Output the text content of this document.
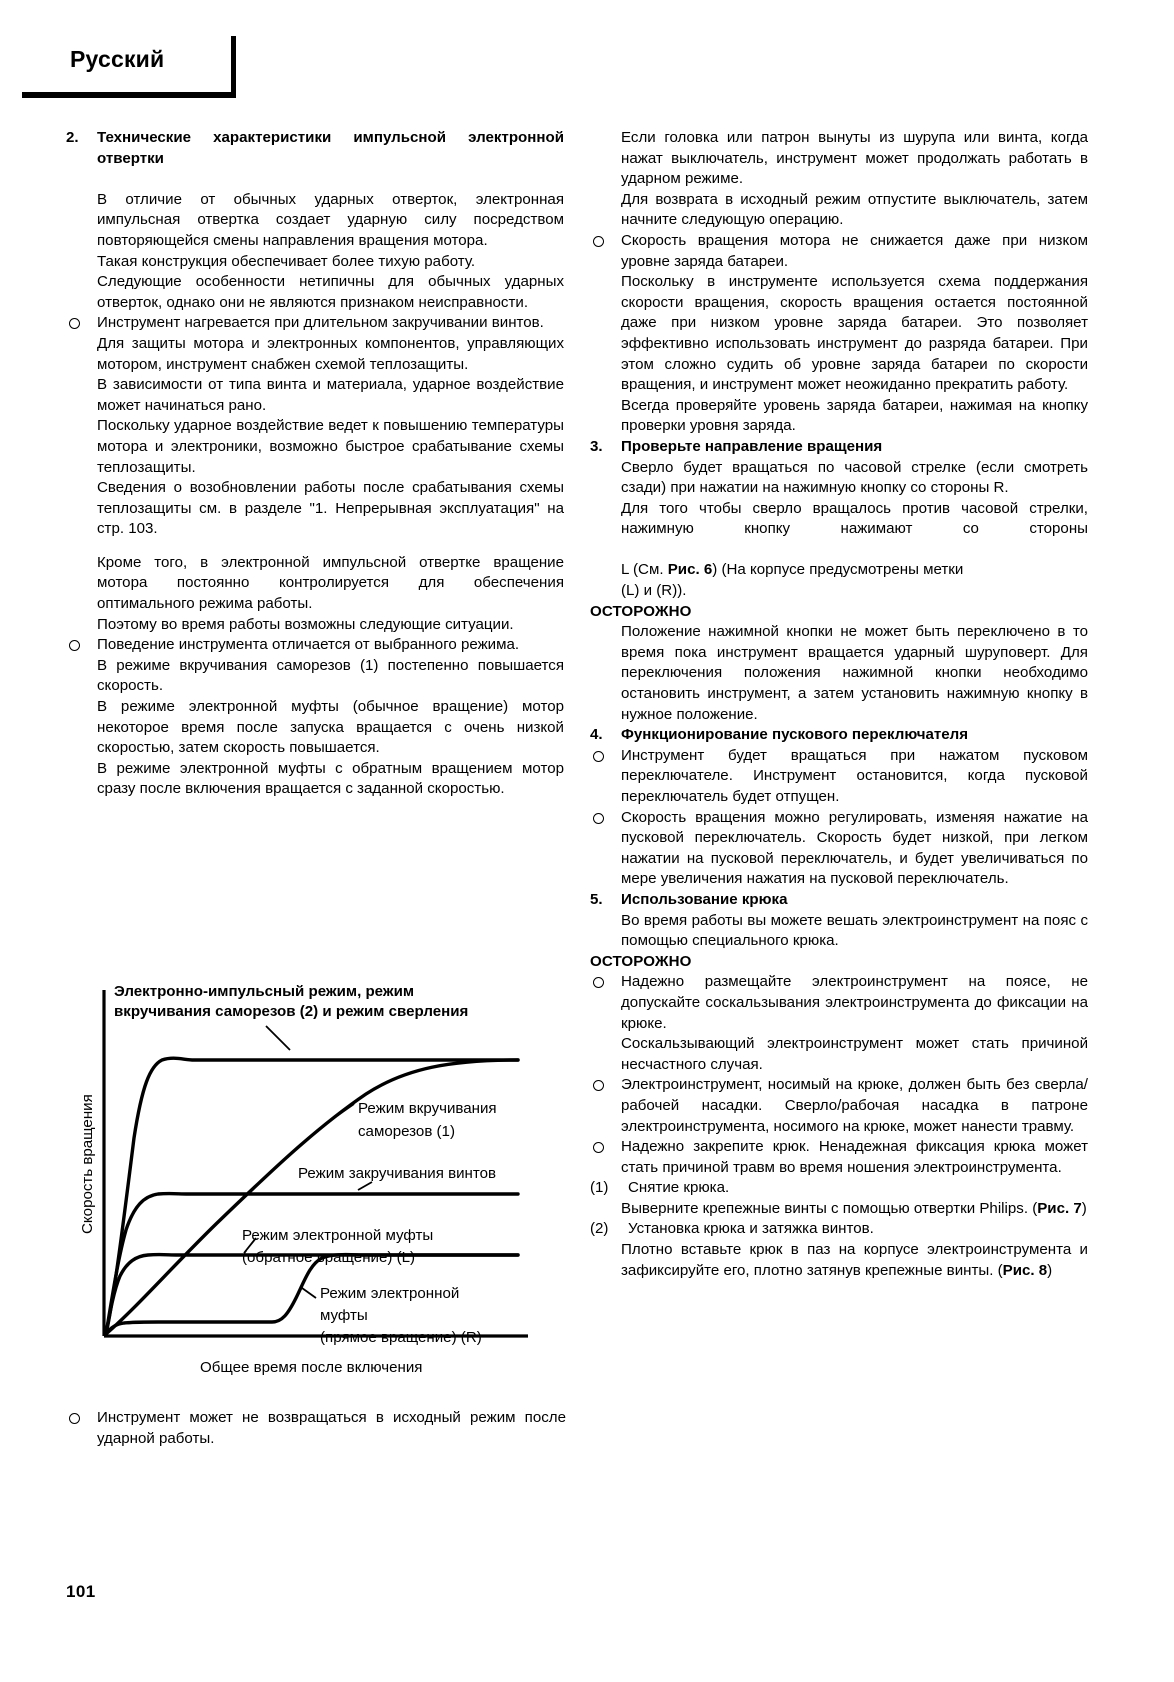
Русский
2. Технические характеристики импульсной электронной отвертки
В отличие от обычных ударных отверток, электронная импульсная отвертка создает ударную силу посредством повторяющейся смены направления вращения мотора.
Такая конструкция обеспечивает более тихую работу.
Следующие особенности нетипичны для обычных ударных отверток, однако они не являются признаком неисправности.
Инструмент нагревается при длительном закручивании винтов.
Для защиты мотора и электронных компонентов, управляющих мотором, инструмент снабжен схемой теплозащиты.
В зависимости от типа винта и материала, ударное воздействие может начинаться рано.
Поскольку ударное воздействие ведет к повышению температуры мотора и электроники, возможно быстрое срабатывание схемы теплозащиты.
Сведения о возобновлении работы после срабатывания схемы теплозащиты см. в разделе "1. Непрерывная эксплуатация" на стр. 103.
Кроме того, в электронной импульсной отвертке вращение мотора постоянно контролируется для обеспечения оптимального режима работы.
Поэтому во время работы возможны следующие ситуации.
Поведение инструмента отличается от выбранного режима.
В режиме вкручивания саморезов (1) постепенно повышается скорость.
В режиме электронной муфты (обычное вращение) мотор некоторое время после запуска вращается с очень низкой скоростью, затем скорость повышается.
В режиме электронной муфты с обратным вращением мотор сразу после включения вращается с заданной скоростью.
Если головка или патрон вынуты из шурупа или винта, когда нажат выключатель, инструмент может продолжать работать в ударном режиме.
Для возврата в исходный режим отпустите выключатель, затем начните следующую операцию.
Скорость вращения мотора не снижается даже при низком уровне заряда батареи.
Поскольку в инструменте используется схема поддержания скорости вращения, скорость вращения остается постоянной даже при низком уровне заряда батареи. Это позволяет эффективно использовать инструмент до разряда батареи. При этом сложно судить об уровне заряда батареи по скорости вращения, и инструмент может неожиданно прекратить работу.
Всегда проверяйте уровень заряда батареи, нажимая на кнопку проверки уровня заряда.
3. Проверьте направление вращения
Сверло будет вращаться по часовой стрелке (если смотреть сзади) при нажатии на нажимную кнопку со стороны R.
Для того чтобы сверло вращалось против часовой стрелки, нажимную кнопку нажимают со стороны
L (См. Рис. 6) (На корпусе предусмотрены метки
(L) и (R)).
ОСТОРОЖНО
Положение нажимной кнопки не может быть переключено в то время пока инструмент вращается ударный шуруповерт. Для переключения положения нажимной кнопки необходимо остановить инструмент, а затем установить нажимную кнопку в нужное положение.
4. Функционирование пускового переключателя
Инструмент будет вращаться при нажатом пусковом переключателе. Инструмент остановится, когда пусковой переключатель будет отпущен.
Скорость вращения можно регулировать, изменяя нажатие на пусковой переключатель. Скорость будет низкой, при легком нажатии на пусковой переключатель, и будет увеличиваться по мере увеличения нажатия на пусковой переключатель.
5. Использование крюка
Во время работы вы можете вешать электроинструмент на пояс с помощью специального крюка.
ОСТОРОЖНО
Надежно размещайте электроинструмент на поясе, не допускайте соскальзывания электроинструмента до фиксации на крюке.
Соскальзывающий электроинструмент может стать причиной несчастного случая.
Электроинструмент, носимый на крюке, должен быть без сверла/рабочей насадки. Сверло/рабочая насадка в патроне электроинструмента, носимого на крюке, может нанести травму.
Надежно закрепите крюк. Ненадежная фиксация крюка может стать причиной травм во время ношения электроинструмента.
(1) Снятие крюка.
Выверните крепежные винты с помощью отвертки Philips. (Рис. 7)
(2) Установка крюка и затяжка винтов.
Плотно вставьте крюк в паз на корпусе электроинструмента и зафиксируйте его, плотно затянув крепежные винты. (Рис. 8)
Электронно-импульсный режим, режим
вкручивания саморезов (2) и режим сверления
Режим вкручивания
саморезов (1)
Режим закручивания винтов
Режим электронной муфты
(обратное вращение) (L)
Режим электронной
муфты
(прямое вращение) (R)
Скорость вращения
Общее время после включения
Инструмент может не возвращаться в исходный режим после ударной работы.
101
